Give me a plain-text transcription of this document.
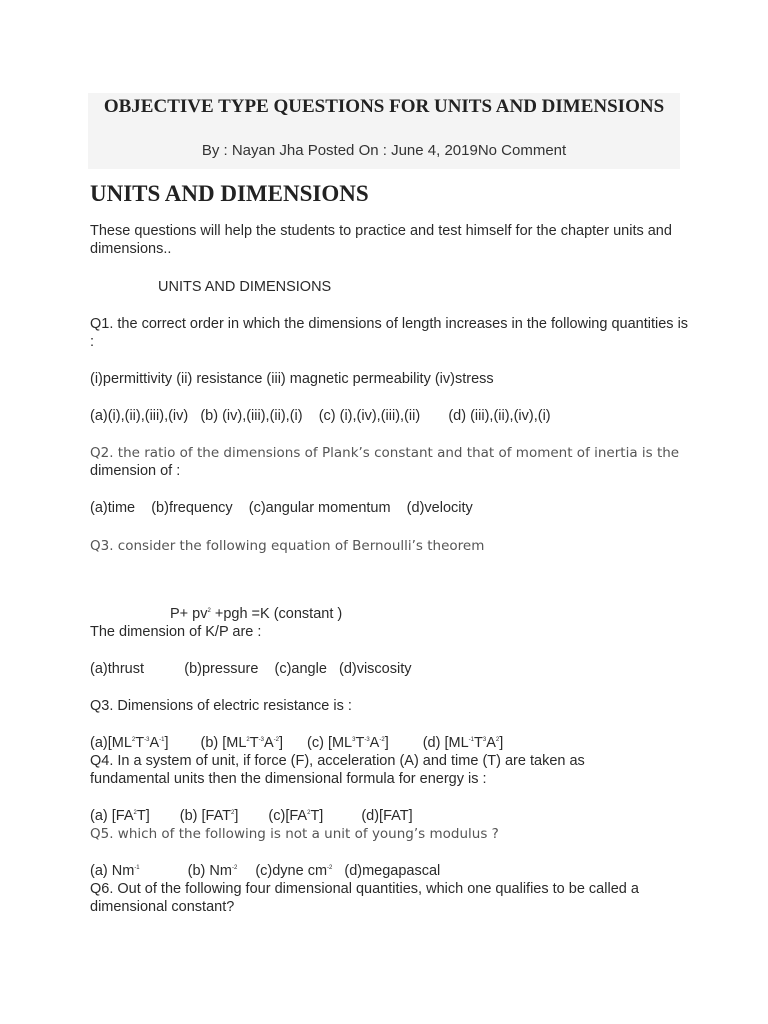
OBJECTIVE TYPE QUESTIONS FOR UNITS AND DIMENSIONS
By : Nayan Jha Posted On : June 4, 2019No Comment
UNITS AND DIMENSIONS

These questions will help the students to practice and test himself for the chapter units and dimensions..

UNITS AND DIMENSIONS

Q1. the correct order in which the dimensions of length increases in the following quantities is :

(i)permittivity (ii) resistance (iii) magnetic permeability (iv)stress

(a)(i),(ii),(iii),(iv)   (b) (iv),(iii),(ii),(i)    (c) (i),(iv),(iii),(ii)       (d) (iii),(ii),(iv),(i)

Q2. the ratio of the dimensions of Plank’s constant and that of moment of inertia is the

dimension of :

(a)time    (b)frequency    (c)angular momentum    (d)velocity

Q3. consider the following equation of Bernoulli’s theorem

$P+ pv^2 +pgh =K$ (constant )

The dimension of K/P are :

(a)thrust          (b)pressure    (c)angle   (d)viscosity

Q3. Dimensions of electric resistance is :

$(a)[ML^2T^{-3}A^{-1}]$ (b) $[ML^2T^{-3}A^{-2}]$ (c) $[ML^3T^{-3}A^{-2}]$ (d) $[ML^{-1}T^3A^2]$

Q4. In a system of unit, if force (F), acceleration (A) and time (T) are taken as

fundamental units then the dimensional formula for energy is :

(a) $[FA^2T]$ (b) [FAT$^2$] $(c)[FA^2T]$	(d)[FAT]

Q5. which of the following is not a unit of young’s modulus ?

(a) $Nm^{-1}$	(b) $Nm^{-2}$ (c)dyne $cm^{-2}$ (d)megapascal

Q6. Out of the following four dimensional quantities, which one qualifies to be called a

dimensional constant?
